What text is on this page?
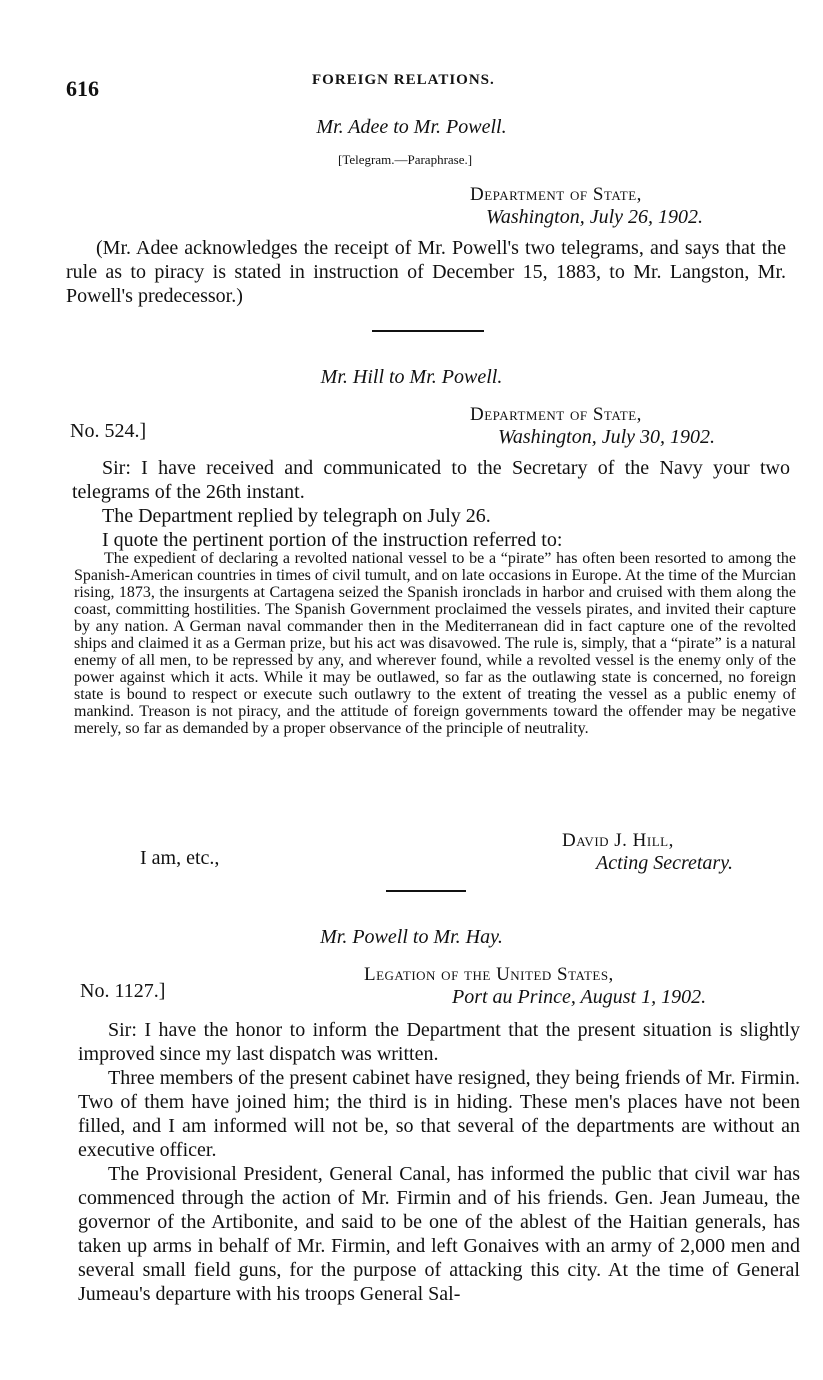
616	FOREIGN RELATIONS.
Mr. Adee to Mr. Powell.
[Telegram.—Paraphrase.]
Department of State,
Washington, July 26, 1902.
(Mr. Adee acknowledges the receipt of Mr. Powell's two telegrams, and says that the rule as to piracy is stated in instruction of December 15, 1883, to Mr. Langston, Mr. Powell's predecessor.)
Mr. Hill to Mr. Powell.
No. 524.]
Department of State,
Washington, July 30, 1902.

Sir: I have received and communicated to the Secretary of the Navy your two telegrams of the 26th instant.

The Department replied by telegraph on July 26.

I quote the pertinent portion of the instruction referred to:

The expedient of declaring a revolted national vessel to be a “pirate” has often been resorted to among the Spanish-American countries in times of civil tumult, and on late occasions in Europe. At the time of the Murcian rising, 1873, the insurgents at Cartagena seized the Spanish ironclads in harbor and cruised with them along the coast, committing hostilities. The Spanish Government proclaimed the vessels pirates, and invited their capture by any nation. A German naval commander then in the Mediterranean did in fact capture one of the revolted ships and claimed it as a German prize, but his act was disavowed. The rule is, simply, that a “pirate” is a natural enemy of all men, to be repressed by any, and wherever found, while a revolted vessel is the enemy only of the power against which it acts. While it may be outlawed, so far as the outlawing state is concerned, no foreign state is bound to respect or execute such outlawry to the extent of treating the vessel as a public enemy of mankind. Treason is not piracy, and the attitude of foreign governments toward the offender may be negative merely, so far as demanded by a proper observance of the principle of neutrality.
I am, etc.,
David J. Hill,
Acting Secretary.
Mr. Powell to Mr. Hay.
No. 1127.]
Legation of the United States,
Port au Prince, August 1, 1902.

Sir: I have the honor to inform the Department that the present situation is slightly improved since my last dispatch was written.

Three members of the present cabinet have resigned, they being friends of Mr. Firmin. Two of them have joined him; the third is in hiding. These men's places have not been filled, and I am informed will not be, so that several of the departments are without an executive officer.

The Provisional President, General Canal, has informed the public that civil war has commenced through the action of Mr. Firmin and of his friends. Gen. Jean Jumeau, the governor of the Artibonite, and said to be one of the ablest of the Haitian generals, has taken up arms in behalf of Mr. Firmin, and left Gonaives with an army of 2,000 men and several small field guns, for the purpose of attacking this city. At the time of General Jumeau's departure with his troops General Sal-
